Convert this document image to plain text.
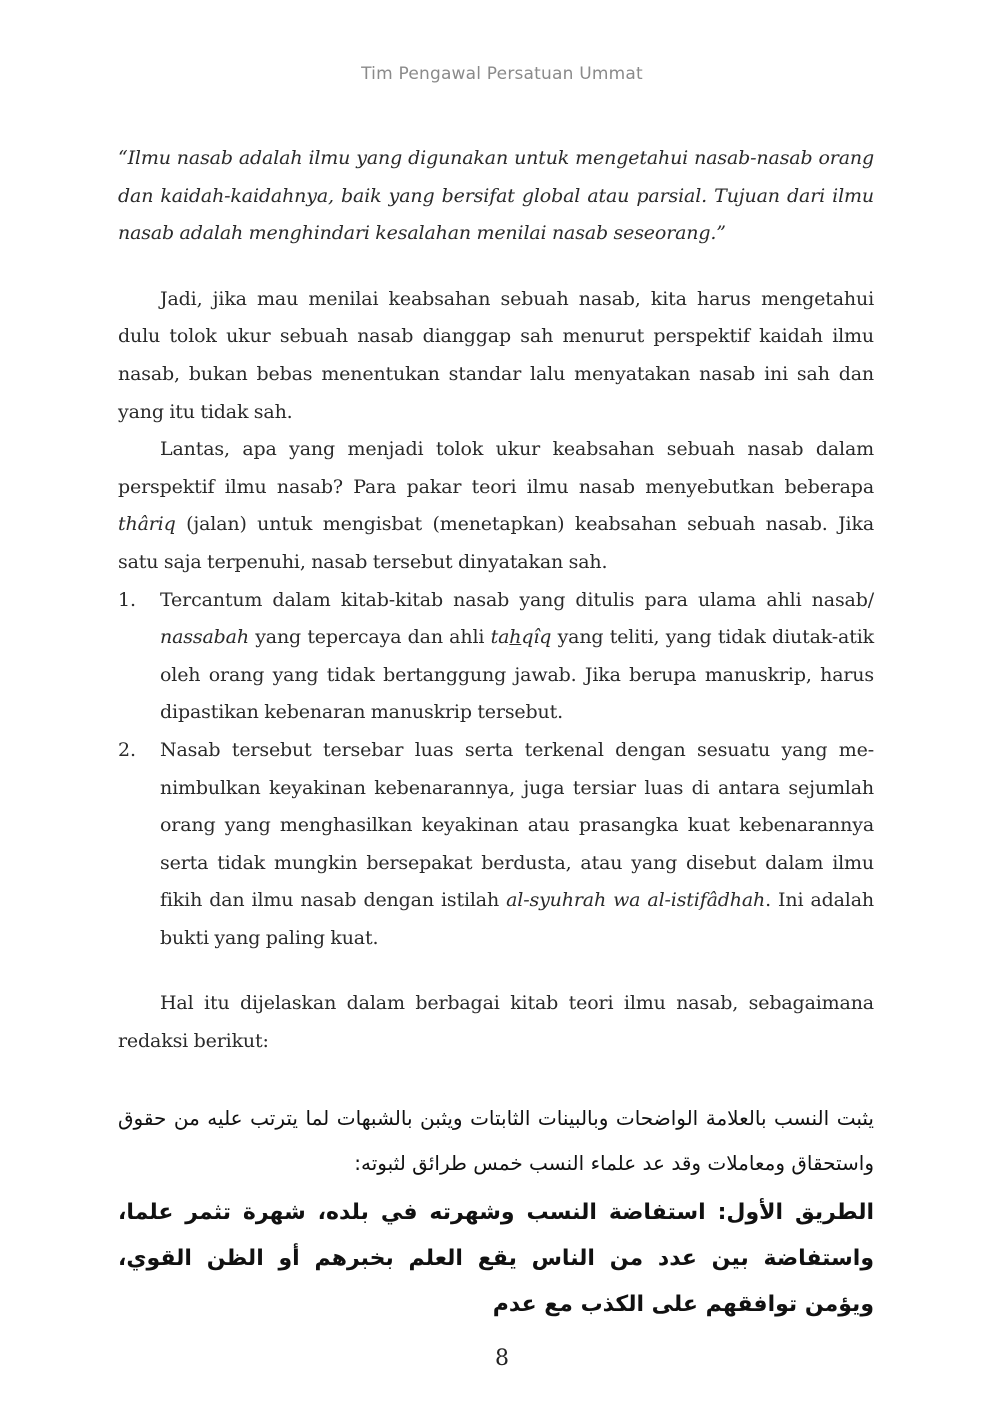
Tim Pengawal Persatuan Ummat

“Ilmu nasab adalah ilmu yang digunakan untuk mengetahui nasab-nasab orang dan kaidah-kaidahnya, baik yang bersifat global atau parsial. Tujuan dari ilmu nasab adalah menghindari kesalahan menilai nasab seseorang.”

Jadi, jika mau menilai keabsahan sebuah nasab, kita harus mengetahui dulu tolok ukur sebuah nasab dianggap sah menurut perspektif kaidah ilmu nasab, bukan bebas menentukan standar lalu menyatakan nasab ini sah dan yang itu tidak sah.

Lantas, apa yang menjadi tolok ukur keabsahan sebuah nasab dalam perspektif ilmu nasab? Para pakar teori ilmu nasab menyebutkan beberapa thâriq (jalan) untuk mengisbat (menetapkan) keabsahan sebuah nasab. Jika satu saja terpenuhi, nasab tersebut dinyatakan sah.

1. Tercantum dalam kitab-kitab nasab yang ditulis para ulama ahli nasab/ nassabah yang tepercaya dan ahli tahqîq yang teliti, yang tidak diutak-atik oleh orang yang tidak bertanggung jawab. Jika berupa manuskrip, harus dipastikan kebenaran manuskrip tersebut.
2. Nasab tersebut tersebar luas serta terkenal dengan sesuatu yang me-nimbulkan keyakinan kebenarannya, juga tersiar luas di antara sejumlah orang yang menghasilkan keyakinan atau prasangka kuat kebenarannya serta tidak mungkin bersepakat berdusta, atau yang disebut dalam ilmu fikih dan ilmu nasab dengan istilah al-syuhrah wa al-istifâdhah. Ini adalah bukti yang paling kuat.

Hal itu dijelaskan dalam berbagai kitab teori ilmu nasab, sebagaimana redaksi berikut:

يثبت النسب بالعلامة الواضحات وبالبينات الثابتات ويثبن بالشبهات لما يترتب عليه من حقوق واستحقاق ومعاملات وقد عد علماء النسب خمس طرائق لثبوته:

الطريق الأول: استفاضة النسب وشهرته في بلده، شهرة تثمر علما، واستفاضة بين عدد من الناس يقع العلم بخبرهم أو الظن القوي، ويؤمن توافقهم على الكذب مع عدم

8
